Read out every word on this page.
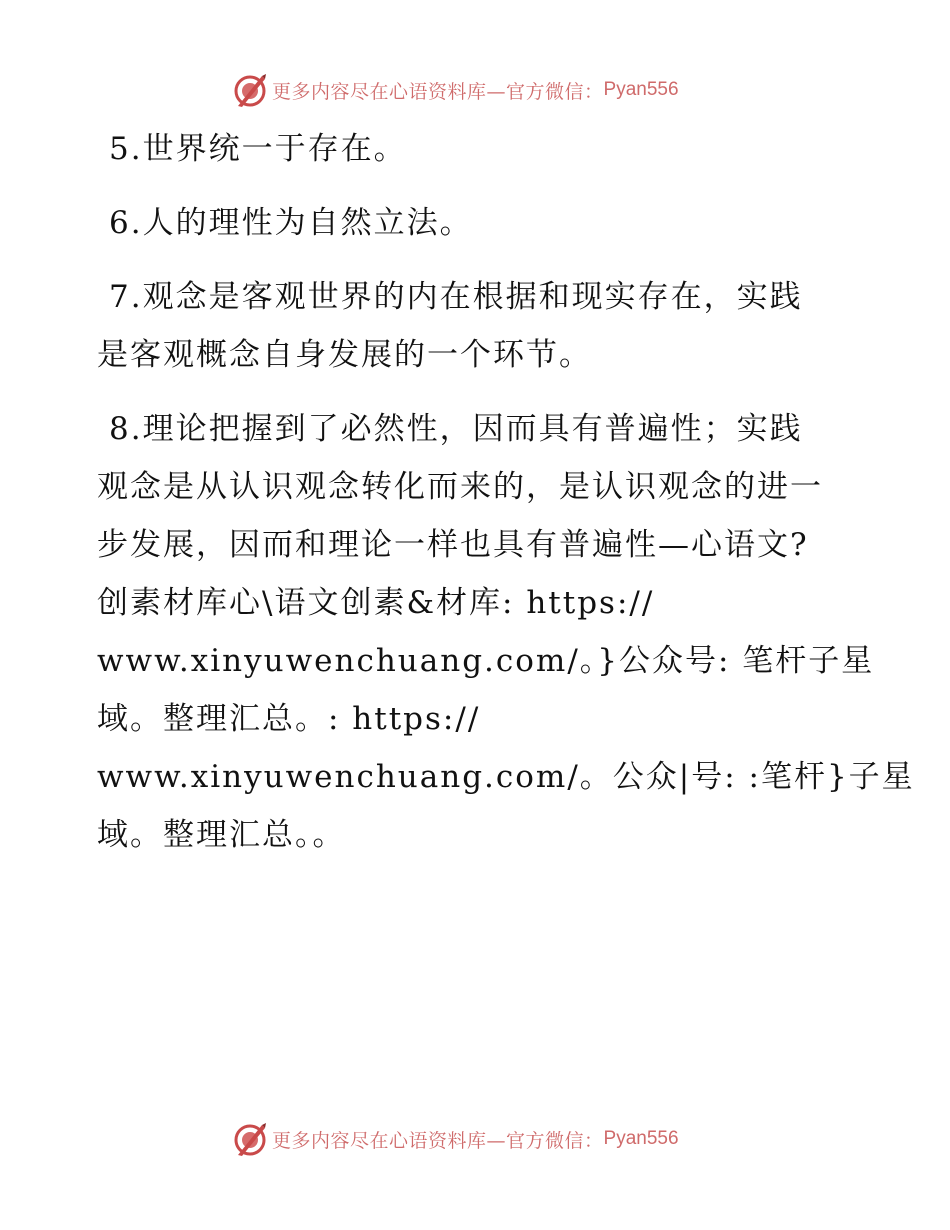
更多内容尽在心语资料库—官方微信： Pyan556

5.世界统一于存在。

6.人的理性为自然立法。

7.观念是客观世界的内在根据和现实存在，实践
是客观概念自身发展的一个环节。

8.理论把握到了必然性，因而具有普遍性；实践
观念是从认识观念转化而来的，是认识观念的进一
步发展，因而和理论一样也具有普遍性—心语文?
创素材库心\语文创素&材库: https://
www.xinyuwenchuang.com/。}公众号: 笔杆子星
域。整理汇总。: https://
www.xinyuwenchuang.com/。公众|号: :笔杆}子星
域。整理汇总。。

更多内容尽在心语资料库—官方微信： Pyan556
